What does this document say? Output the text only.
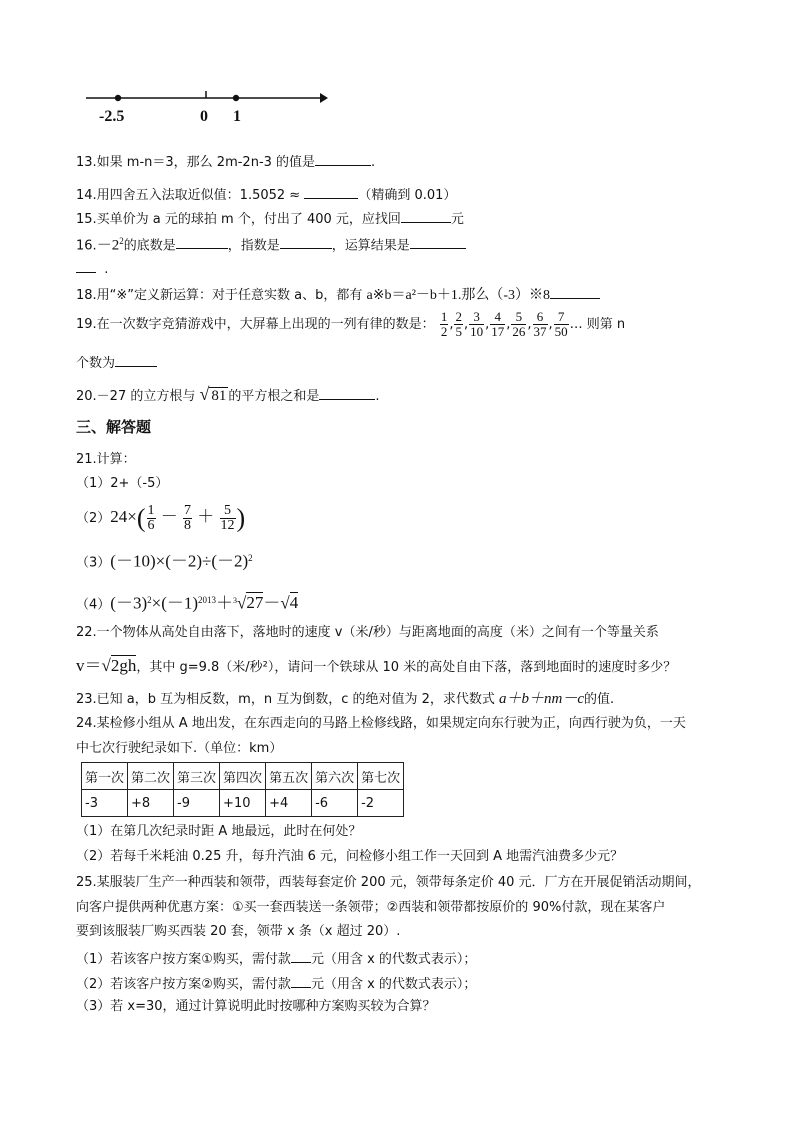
-2.5	0 1
13.如果 m-n＝3，那么 2m-2n-3 的值是	.
14.用四舍五入法取近似值：1.5052 ≈	（精确到 0.01）
15.买单价为 a 元的球拍 m 个，付出了 400 元，应找回	元
$16.-2^2$的底数是	，指数是	，运算结果是
.
18.用“※”定义新运算：对于任意实数 a、b，都有 a※b＝a²－b＋1.那么（-3）※8
19.在一次数字竞猜游戏中，大屏幕上出现的一列有律的数是： $\frac{1}{2}$ , $\frac{2}{5}$ , $\frac{3}{10}$ , $\frac{4}{17}$ , $\frac{5}{26}$ , $\frac{6}{37}$ , $\frac{7}{50}$ … 则第 n
个数为
20.－27 的立方根与 √ 81 的平方根之和是	.
三、解答题
21.计算：
（1）2+（-5）
$(2)24\times( \frac{1}{6} - \frac{7}{8} + \frac{5}{12}$ )
$(3)(-10)\times(-2)\div(-2)^2$
$(4)(-3)^2\times(-1)^{2013}+^3√27-√4$
22.一个物体从高处自由落下，落地时的速度 v（米/秒）与距离地面的高度（米）之间有一个等量关系
v＝√2gh，其中 g=9.8（米/秒²），请问一个铁球从 10 米的高处自由下落，落到地面时的速度时多少？
23.已知 a，b 互为相反数，m，n 互为倒数，c 的绝对值为 2，求代数式 a＋b＋nm－c的值.
24.某检修小组从 A 地出发，在东西走向的马路上检修线路，如果规定向东行驶为正，向西行驶为负，一天
中七次行驶纪录如下.（单位：km）
第一次	第二次	第三次	第四次	第五次	第六次	第七次
-3	+8	-9	+10	+4	-6	-2
（1）在第几次纪录时距 A 地最远，此时在何处？
（2）若每千米耗油 0.25 升，每升汽油 6 元，问检修小组工作一天回到 A 地需汽油费多少元？
25.某服装厂生产一种西装和领带，西装每套定价 200 元，领带每条定价 40 元．厂方在开展促销活动期间，
向客户提供两种优惠方案：①买一套西装送一条领带；②西装和领带都按原价的 90%付款，现在某客户
要到该服装厂购买西装 20 套，领带 x 条（x 超过 20）.
（1）若该客户按方案①购买，需付款 元（用含 x 的代数式表示）；
（2）若该客户按方案②购买，需付款 元（用含 x 的代数式表示）；
（3）若 x=30，通过计算说明此时按哪种方案购买较为合算？
